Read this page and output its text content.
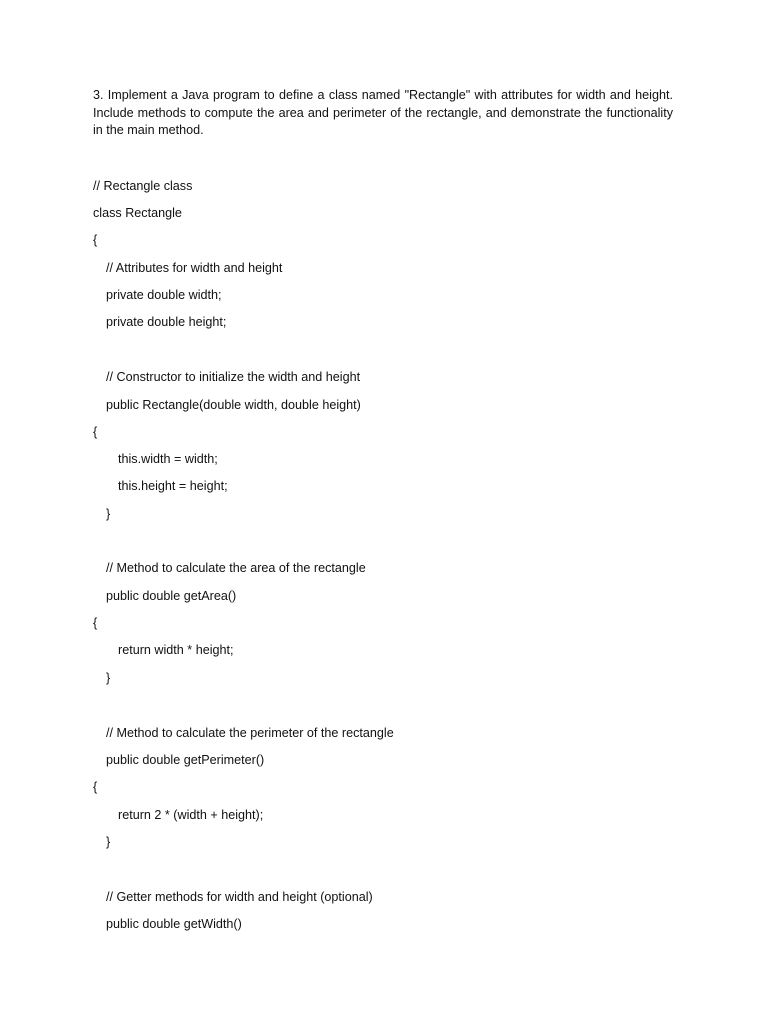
3. Implement a Java program to define a class named "Rectangle" with attributes for width and height. Include methods to compute the area and perimeter of the rectangle, and demonstrate the functionality in the main method.

// Rectangle class
class Rectangle
{
// Attributes for width and height
private double width;
private double height;
// Constructor to initialize the width and height
public Rectangle(double width, double height)
{
this.width = width;
this.height = height;
}
// Method to calculate the area of the rectangle
public double getArea()
{
return width * height;
}
// Method to calculate the perimeter of the rectangle
public double getPerimeter()
{
return 2 * (width + height);
}
// Getter methods for width and height (optional)
public double getWidth()
